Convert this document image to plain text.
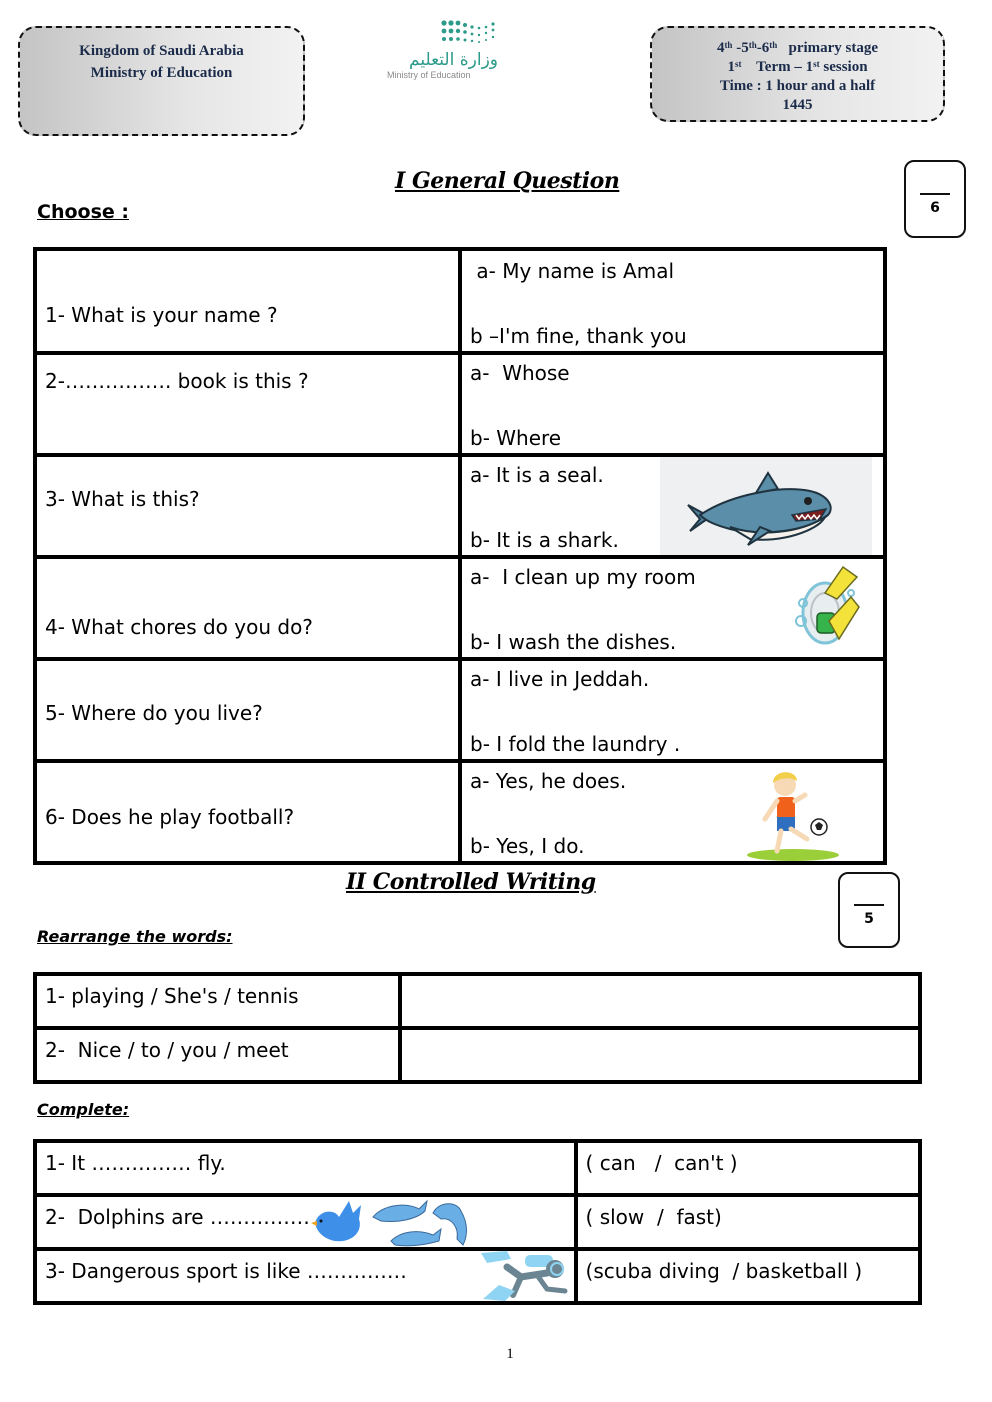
Kingdom of Saudi Arabia
Ministry of Education
وزارة التعليم
Ministry of Education
4th -5th-6th primary stage
1st Term – 1st session
Time : 1 hour and a half
1445
I General Question
Choose :	6
1- What is your name ?	a- My name is Amal
b –I'm fine, thank you

2-……………. book is this ?	a-  Whose
b- Where

3- What is this?	a- It is a seal.
b- It is a shark.

4- What chores do you do?	a-  I clean up my room
b- I wash the dishes.

5- Where do you live?	a- I live in Jeddah.
b- I fold the laundry .

6- Does he play football?	a- Yes, he does.
b- Yes, I do.
II Controlled Writing
5
Rearrange the words:
1- playing / She's / tennis	

2-  Nice / to / you / meet	

Complete:
1- It …………… fly.	( can   /  can't )

2-  Dolphins are ……………	( slow  /  fast)

3- Dangerous sport is like ……………	(scuba diving  / basketball )
1
